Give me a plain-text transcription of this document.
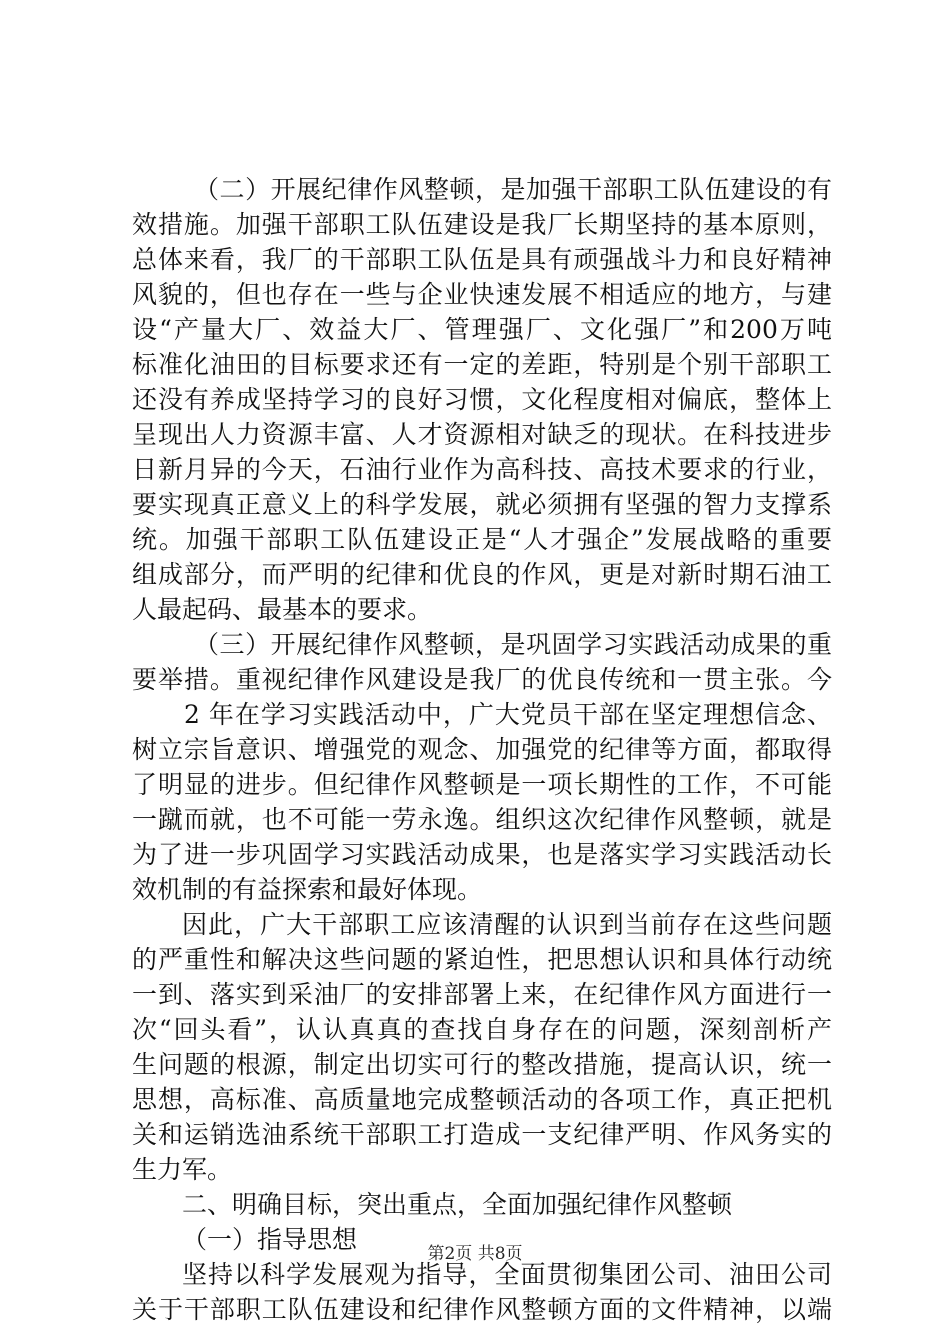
（二）开展纪律作风整顿，是加强干部职工队伍建设的有
效措施。加强干部职工队伍建设是我厂长期坚持的基本原则，
总体来看，我厂的干部职工队伍是具有顽强战斗力和良好精神
风貌的，但也存在一些与企业快速发展不相适应的地方，与建
设“产量大厂、效益大厂、管理强厂、文化强厂”和200万吨
标准化油田的目标要求还有一定的差距，特别是个别干部职工
还没有养成坚持学习的良好习惯，文化程度相对偏底，整体上
呈现出人力资源丰富、人才资源相对缺乏的现状。在科技进步
日新月异的今天，石油行业作为高科技、高技术要求的行业，
要实现真正意义上的科学发展，就必须拥有坚强的智力支撑系
统。加强干部职工队伍建设正是“人才强企”发展战略的重要
组成部分，而严明的纪律和优良的作风，更是对新时期石油工
人最起码、最基本的要求。
（三）开展纪律作风整顿，是巩固学习实践活动成果的重
要举措。重视纪律作风建设是我厂的优良传统和一贯主张。今
2 年在学习实践活动中，广大党员干部在坚定理想信念、
树立宗旨意识、增强党的观念、加强党的纪律等方面，都取得
了明显的进步。但纪律作风整顿是一项长期性的工作，不可能
一蹴而就，也不可能一劳永逸。组织这次纪律作风整顿，就是
为了进一步巩固学习实践活动成果，也是落实学习实践活动长
效机制的有益探索和最好体现。
因此，广大干部职工应该清醒的认识到当前存在这些问题
的严重性和解决这些问题的紧迫性，把思想认识和具体行动统
一到、落实到采油厂的安排部署上来，在纪律作风方面进行一
次“回头看”，认认真真的查找自身存在的问题，深刻剖析产
生问题的根源，制定出切实可行的整改措施，提高认识，统一
思想，高标准、高质量地完成整顿活动的各项工作，真正把机
关和运销选油系统干部职工打造成一支纪律严明、作风务实的
生力军。
二、明确目标，突出重点，全面加强纪律作风整顿
（一）指导思想
坚持以科学发展观为指导，全面贯彻集团公司、油田公司
关于干部职工队伍建设和纪律作风整顿方面的文件精神，以端
第2页 共8页
